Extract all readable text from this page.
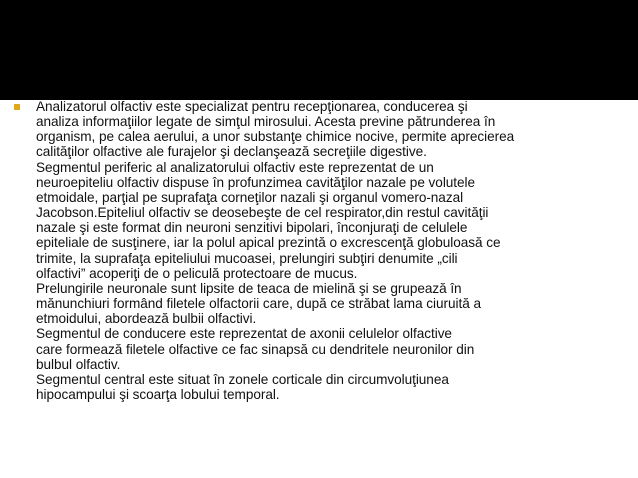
Analizatorul olfactiv este specializat pentru recepţionarea, conducerea şi
analiza informaţiilor legate de simţul mirosului. Acesta previne pătrunderea în
organism, pe calea aerului, a unor substanţe chimice nocive, permite aprecierea
calităţilor olfactive ale furajelor şi declanşează secreţiile digestive.
Segmentul periferic al analizatorului olfactiv este reprezentat de un
neuroepiteliu olfactiv dispuse în profunzimea cavităţilor nazale pe volutele
etmoidale, parţial pe suprafaţa corneţilor nazali şi organul vomero-nazal
Jacobson.Epiteliul olfactiv se deosebeşte de cel respirator,din restul cavităţii
nazale şi este format din neuroni senzitivi bipolari, înconjuraţi de celulele
epiteliale de susţinere, iar la polul apical prezintă o excrescenţă globuloasă ce
trimite, la suprafaţa epiteliului mucoasei, prelungiri subţiri denumite „cili
olfactivi” acoperiţi de o peliculă protectoare de mucus.
Prelungirile neuronale sunt lipsite de teaca de mielină şi se grupează în
mănunchiuri formând filetele olfactorii care, după ce străbat lama ciuruită a
etmoidului, abordează bulbii olfactivi.
Segmentul de conducere este reprezentat de axonii celulelor olfactive
care formează filetele olfactive ce fac sinapsă cu dendritele neuronilor din
bulbul olfactiv.
Segmentul central este situat în zonele corticale din circumvoluţiunea
hipocampului şi scoarţa lobului temporal.
